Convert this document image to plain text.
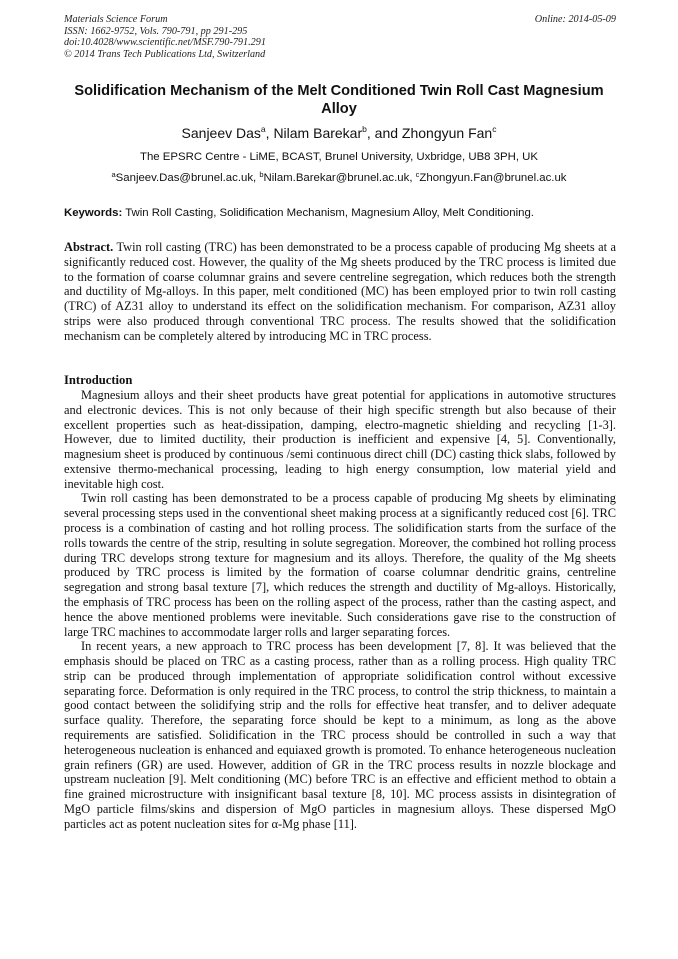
Materials Science Forum
ISSN: 1662-9752, Vols. 790-791, pp 291-295
doi:10.4028/www.scientific.net/MSF.790-791.291
© 2014 Trans Tech Publications Ltd, Switzerland
Online: 2014-05-09
Solidification Mechanism of the Melt Conditioned Twin Roll Cast Magnesium Alloy
Sanjeev Das$^a$, Nilam Barekar$^b$, and Zhongyun Fan$^c$
The EPSRC Centre - LiME, BCAST, Brunel University, Uxbridge, UB8 3PH, UK
$^a$Sanjeev.Das@brunel.ac.uk, $^b$Nilam.Barekar@brunel.ac.uk, $^c$Zhongyun.Fan@brunel.ac.uk
Keywords: Twin Roll Casting, Solidification Mechanism, Magnesium Alloy, Melt Conditioning.
Abstract. Twin roll casting (TRC) has been demonstrated to be a process capable of producing Mg sheets at a significantly reduced cost. However, the quality of the Mg sheets produced by the TRC process is limited due to the formation of coarse columnar grains and severe centreline segregation, which reduces both the strength and ductility of Mg-alloys. In this paper, melt conditioned (MC) has been employed prior to twin roll casting (TRC) of AZ31 alloy to understand its effect on the solidification mechanism. For comparison, AZ31 alloy strips were also produced through conventional TRC process. The results showed that the solidification mechanism can be completely altered by introducing MC in TRC process.
Introduction

Magnesium alloys and their sheet products have great potential for applications in automotive structures and electronic devices. This is not only because of their high specific strength but also because of their excellent properties such as heat-dissipation, damping, electro-magnetic shielding and recycling [1-3]. However, due to limited ductility, their production is inefficient and expensive [4, 5]. Conventionally, magnesium sheet is produced by continuous /semi continuous direct chill (DC) casting thick slabs, followed by extensive thermo-mechanical processing, leading to high energy consumption, low material yield and inevitable high cost.

Twin roll casting has been demonstrated to be a process capable of producing Mg sheets by eliminating several processing steps used in the conventional sheet making process at a significantly reduced cost [6]. TRC process is a combination of casting and hot rolling process. The solidification starts from the surface of the rolls towards the centre of the strip, resulting in solute segregation. Moreover, the combined hot rolling process during TRC develops strong texture for magnesium and its alloys. Therefore, the quality of the Mg sheets produced by TRC process is limited by the formation of coarse columnar dendritic grains, centreline segregation and strong basal texture [7], which reduces the strength and ductility of Mg-alloys. Historically, the emphasis of TRC process has been on the rolling aspect of the process, rather than the casting aspect, and hence the above mentioned problems were inevitable. Such considerations gave rise to the construction of large TRC machines to accommodate larger rolls and larger separating forces.

In recent years, a new approach to TRC process has been development [7, 8]. It was believed that the emphasis should be placed on TRC as a casting process, rather than as a rolling process. High quality TRC strip can be produced through implementation of appropriate solidification control without excessive separating force. Deformation is only required in the TRC process, to control the strip thickness, to maintain a good contact between the solidifying strip and the rolls for effective heat transfer, and to deliver adequate surface quality. Therefore, the separating force should be kept to a minimum, as long as the above requirements are satisfied. Solidification in the TRC process should be controlled in such a way that heterogeneous nucleation is enhanced and equiaxed growth is promoted. To enhance heterogeneous nucleation grain refiners (GR) are used. However, addition of GR in the TRC process results in nozzle blockage and upstream nucleation [9]. Melt conditioning (MC) before TRC is an effective and efficient method to obtain a fine grained microstructure with insignificant basal texture [8, 10]. MC process assists in disintegration of MgO particle films/skins and dispersion of MgO particles in magnesium alloys. These dispersed MgO particles act as potent nucleation sites for α-Mg phase [11].
